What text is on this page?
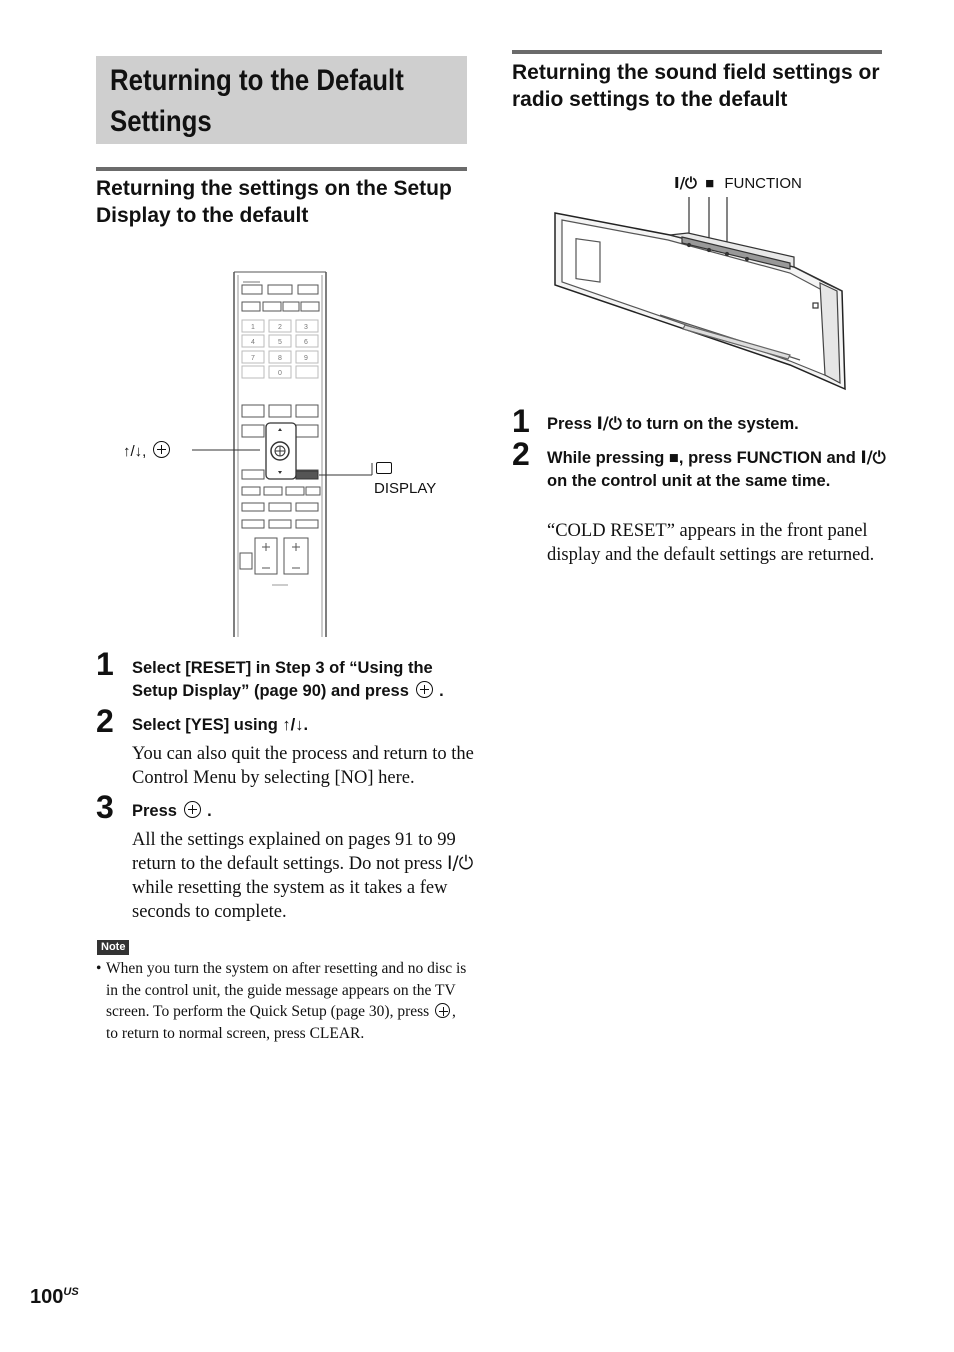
Returning to the Default Settings
Returning the settings on the Setup Display to the default
1	2	3
4	5	6
7	8	9
0
↑/↓,
DISPLAY
1 Select [RESET] in Step 3 of “Using the
Setup Display” (page 90) and press .
2 Select [YES] using ↑/↓.
You can also quit the process and return to the Control Menu by selecting [NO] here.
3 Press .
All the settings explained on pages 91 to 99 return to the default settings. Do not press I/⏻ while resetting the system as it takes a few seconds to complete.
Note
• When you turn the system on after resetting and no disc is in the control unit, the guide message appears on the TV screen. To perform the Quick Setup (page 30), press , to return to normal screen, press CLEAR.
$100^{US}$
Returning the sound field settings or radio settings to the default
I/⏻ ■ FUNCTION
1 Press I/⏻ to turn on the system.
2 While pressing ■, press FUNCTION and I/⏻ on the control unit at the same time.
“COLD RESET” appears in the front panel display and the default settings are returned.
